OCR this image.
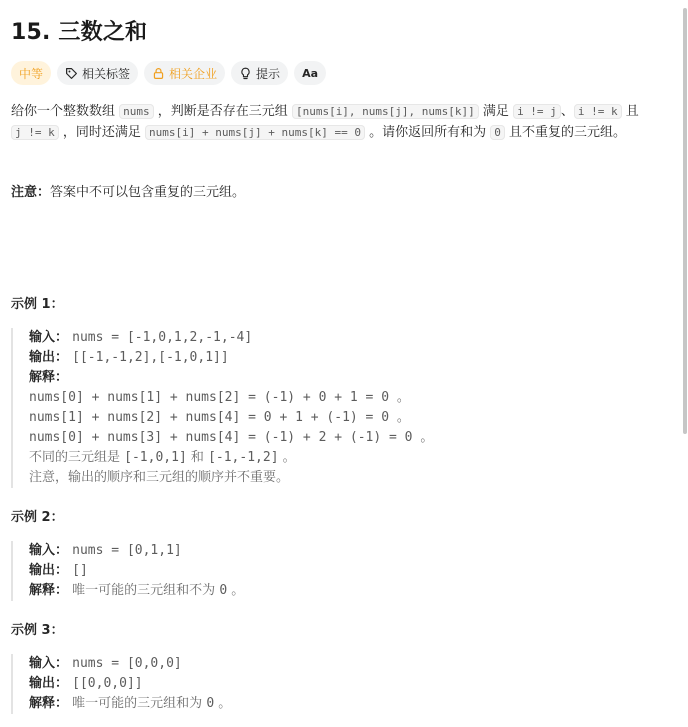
15. 三数之和
中等	相关标签	相关企业	提示 Aa
给你一个整数数组 nums ，判断是否存在三元组 [nums[i], nums[j], nums[k]] 满足 i != j 、 i != k 且 j != k ，同时还满足 nums[i] + nums[j] + nums[k] == 0 。请你返回所有和为 0 且不重复的三元组。
注意：答案中不可以包含重复的三元组。
示例 1：
输入： nums = [-1,0,1,2,-1,-4]
输出： [[-1,-1,2],[-1,0,1]]
解释：
nums[0] + nums[1] + nums[2] = (-1) + 0 + 1 = 0 。
nums[1] + nums[2] + nums[4] = 0 + 1 + (-1) = 0 。
nums[0] + nums[3] + nums[4] = (-1) + 2 + (-1) = 0 。
不同的三元组是 [-1,0,1] 和 [-1,-1,2] 。
注意，输出的顺序和三元组的顺序并不重要。
示例 2：
输入： nums = [0,1,1]
输出： []
解释： 唯一可能的三元组和不为 0 。
示例 3：
输入： nums = [0,0,0]
输出： [[0,0,0]]
解释： 唯一可能的三元组和为 0 。
